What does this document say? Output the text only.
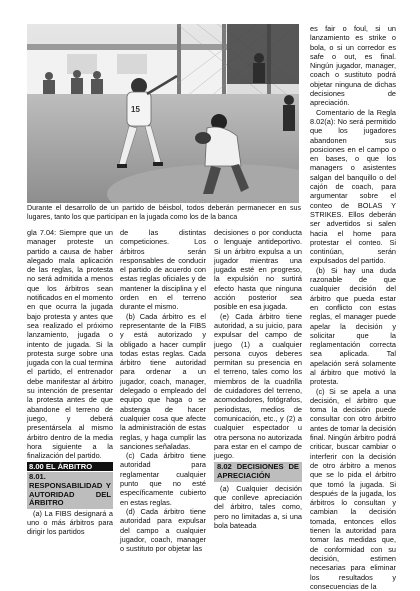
15
Durante el desarrollo de un partido de béisbol, todos deberán permanecer en sus lugares, tanto los que participan en la jugada como los de la banca

gla 7.04: Siempre que un manager proteste un partido a causa de haber alegado mala aplicación de las reglas, la protesta no será admitida a menos que los árbitros sean notificados en el momento en que ocurra la jugada bajo protesta y antes que sea realizado el próximo lanzamiento, jugada o intento de jugada. Si la protesta surge sobre una jugada con la cual termina el partido, el entrenador debe manifestar al árbitro su intención de presentar la protesta antes de que abandone el terreno de juego, y deberá presentársela al mismo árbitro dentro de la media hora siguiente a la finalización del partido.

8.00 EL ÁRBITRO
8.01. RESPONSABILIDAD Y AUTORIDAD DEL ÁRBITRO

(a) La FIBS designará a uno o más árbitros para dirigir los partidos

de las distintas competiciones. Los árbitros serán responsables de conducir el partido de acuerdo con estas reglas oficiales y de mantener la disciplina y el orden en el terreno durante el mismo.

(b) Cada árbitro es el representante de la FIBS y está autorizado y obligado a hacer cumplir todas estas reglas. Cada árbitro tiene autoridad para ordenar a un jugador, coach, manager, delegado o empleado del equipo que haga o se abstenga de hacer cualquier cosa que afecte la administración de estas reglas, y haga cumplir las sanciones señaladas.

(c) Cada árbitro tiene autoridad para reglamentar cualquier punto que no esté específicamente cubierto en estas reglas.

(d) Cada árbitro tiene autoridad para expulsar del campo a cualquier jugador, coach, manager o sustituto por objetar las

decisiones o por conducta o lenguaje antideportivo. Si un árbitro expulsa a un jugador mientras una jugada esté en progreso, la expulsión no surtirá efecto hasta que ninguna acción posterior sea posible en esa jugada.

(e) Cada árbitro tiene autoridad, a su juicio, para expulsar del campo de juego (1) a cualquier persona cuyos deberes permitan su presencia en el terreno, tales como los miembros de la cuadrilla de cuidadores del terreno, acomodadores, fotógrafos, periodistas, medios de comunicación, etc., y (2) a cualquier espectador u otra persona no autorizada para estar en el campo de juego.

8.02 DECISIONES DE APRECIACIÓN

(a) Cualquier decisión que conlleve apreciación del árbitro, tales como, pero no limitadas a, si una bola bateada

es fair o foul, si un lanzamiento es strike o bola, o si un corredor es safe o out, es final. Ningún jugador, manager, coach o sustituto podrá objetar ninguna de dichas decisiones de apreciación.

Comentario de la Regla 8.02(a): No será permitido que los jugadores abandonen sus posiciones en el campo o en bases, o que los managers o asistentes salgan del banquillo o del cajón de coach, para argumentar sobre el conteo de BOLAS Y STRIKES. Ellos deberán ser advertidos si salen hacia el home para protestar el conteo. Si continúan, serán expulsados del partido.

(b) Si hay una duda razonable de que cualquier decisión del árbitro que pueda estar en conflicto con estas reglas, el manager puede apelar la decisión y solicitar que la reglamentación correcta sea aplicada. Tal apelación será solamente al árbitro que motivó la protesta.

(c) Si se apela a una decisión, el árbitro que toma la decisión puede consultar con otro árbitro antes de tomar la decisión final. Ningún árbitro podrá criticar, buscar cambiar o interferir con la decisión de otro árbitro a menos que se lo pida el árbitro que tomó la jugada. Si después de la jugada, los árbitros lo consultan y cambian la decisión tomada, entonces ellos tienen la autoridad para tomar las medidas que, de conformidad con su decisión, estimen necesarias para eliminar los resultados y consecuencias de la
